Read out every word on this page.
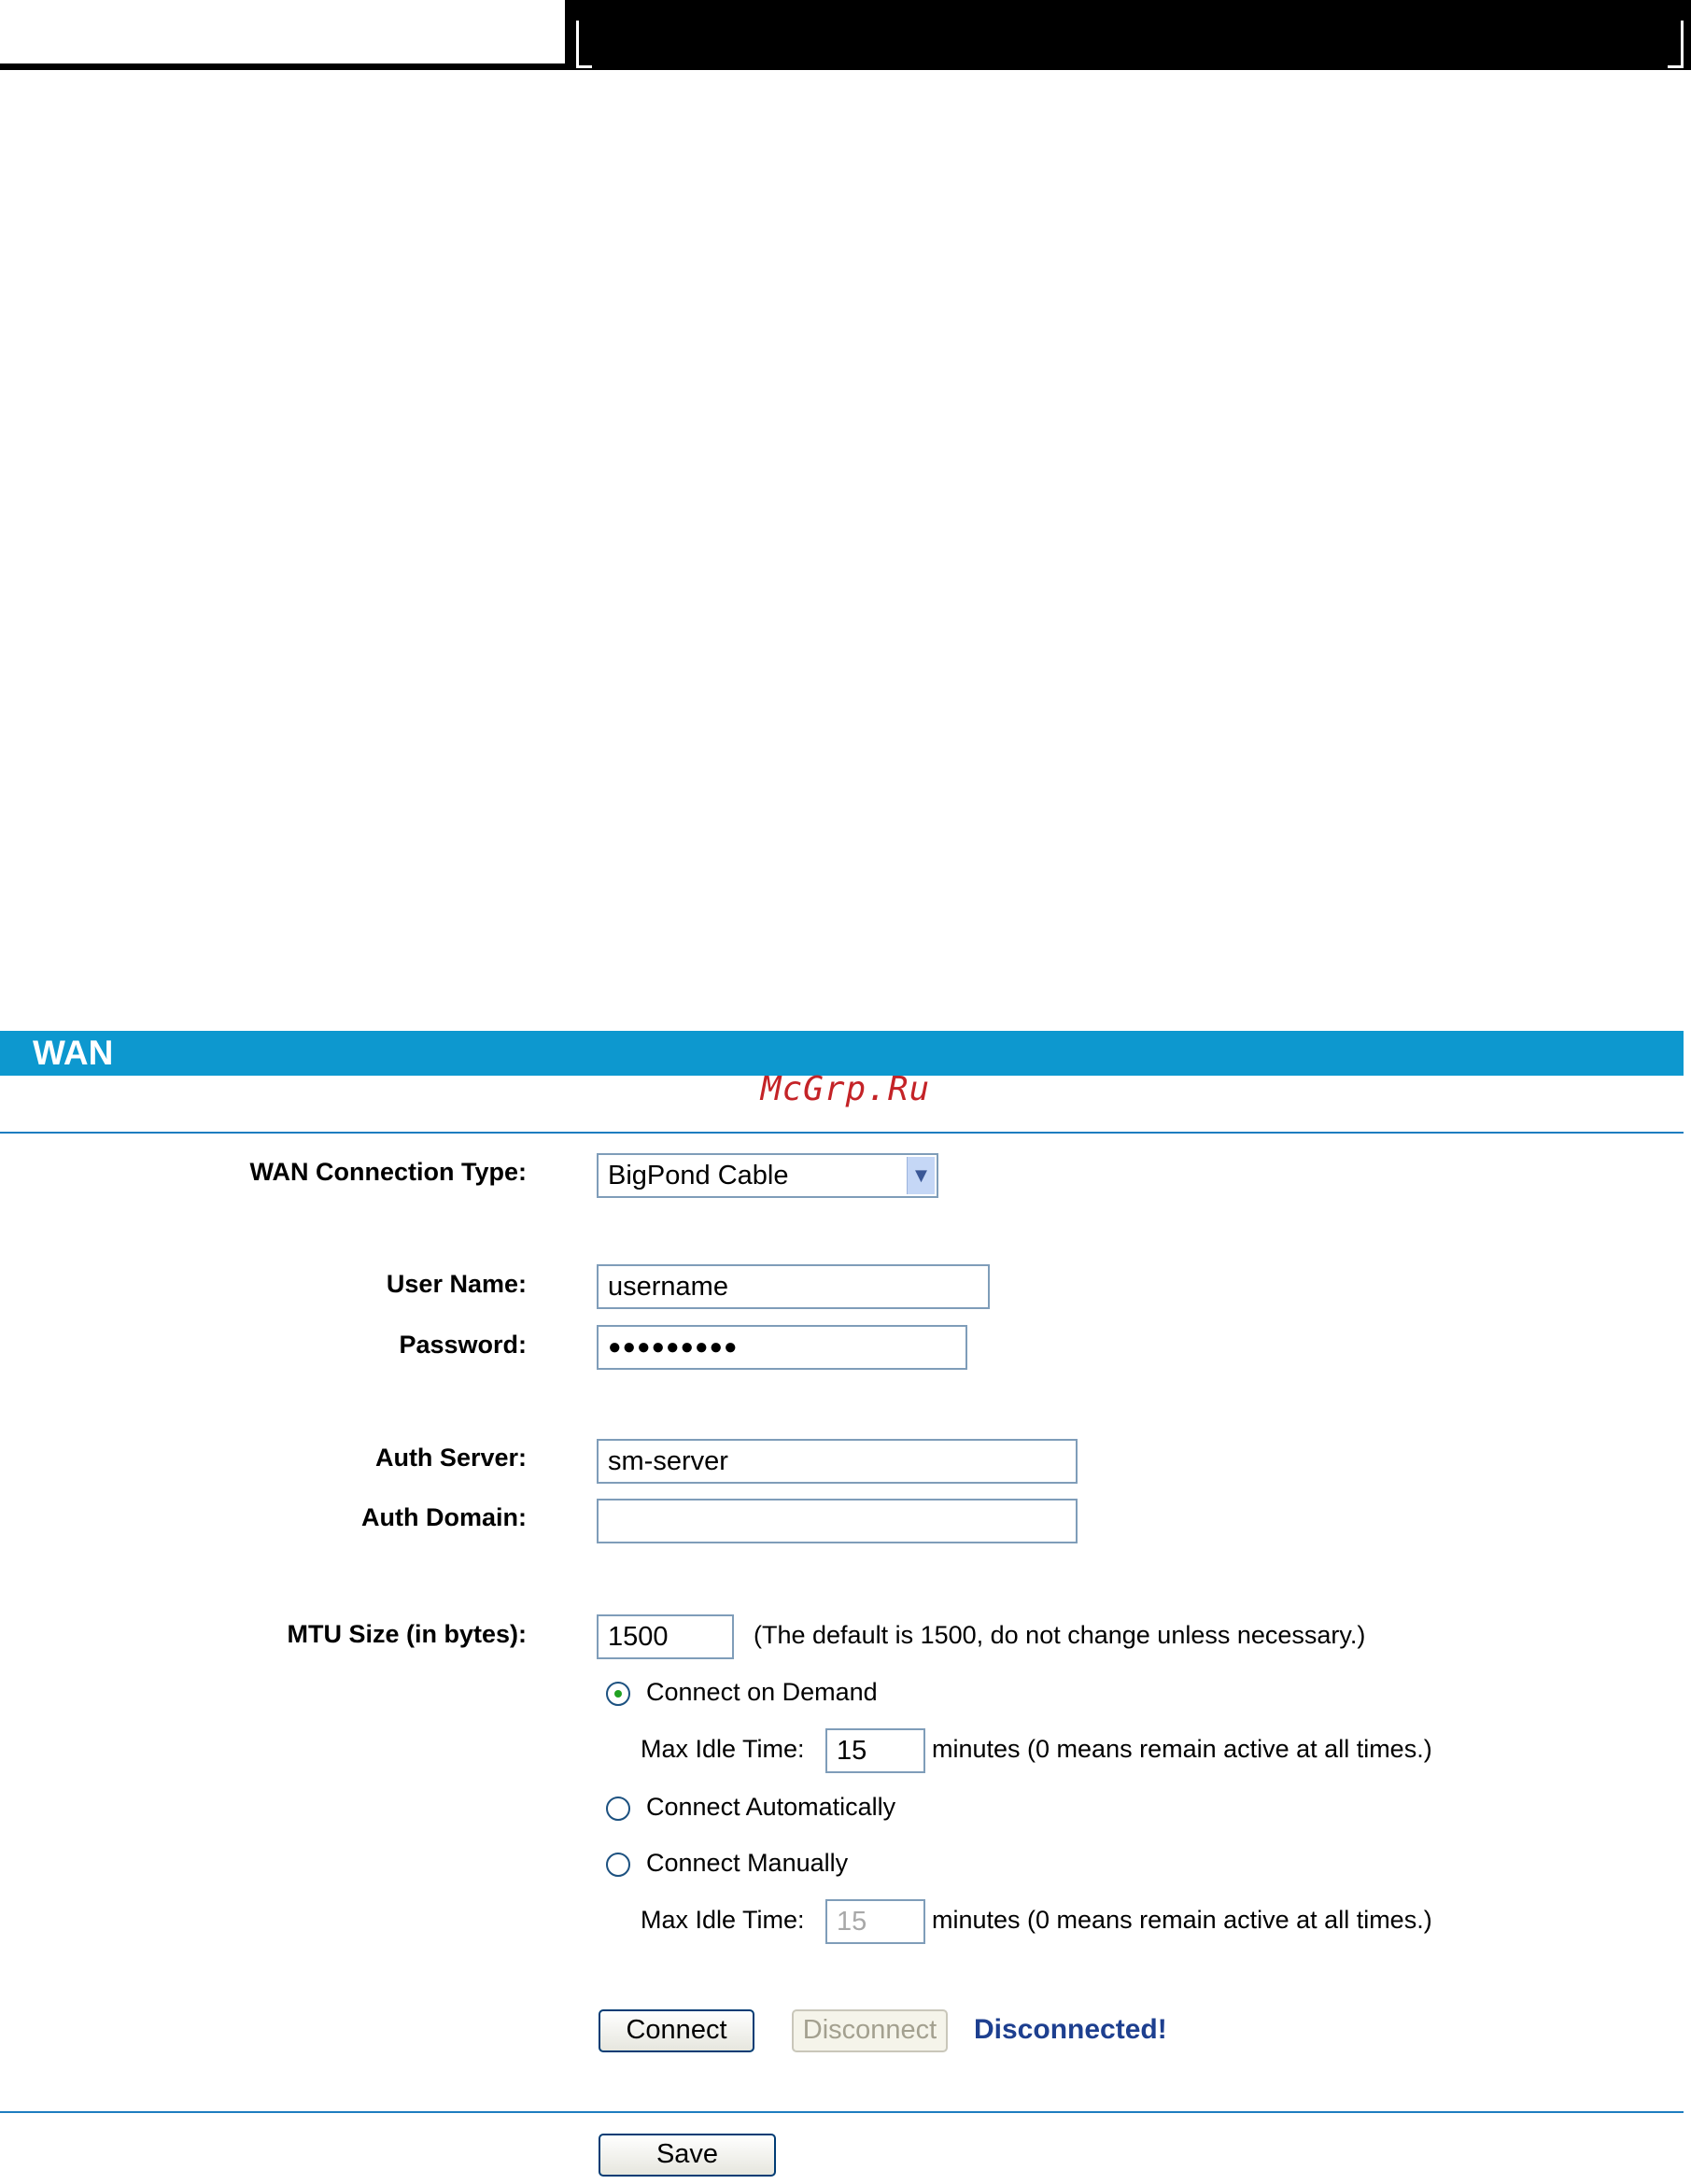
WAN
McGrp.Ru
WAN Connection Type:	BigPond Cable	▼
User Name:	username
Password:	●●●●●●●●●
Auth Server:	sm-server
Auth Domain:
MTU Size (in bytes):	1500	(The default is 1500, do not change unless necessary.)
Connect on Demand
Max Idle Time:	15	minutes (0 means remain active at all times.)
Connect Automatically
Connect Manually
Max Idle Time:	15	minutes (0 means remain active at all times.)
Connect	Disconnect	Disconnected!
Save
